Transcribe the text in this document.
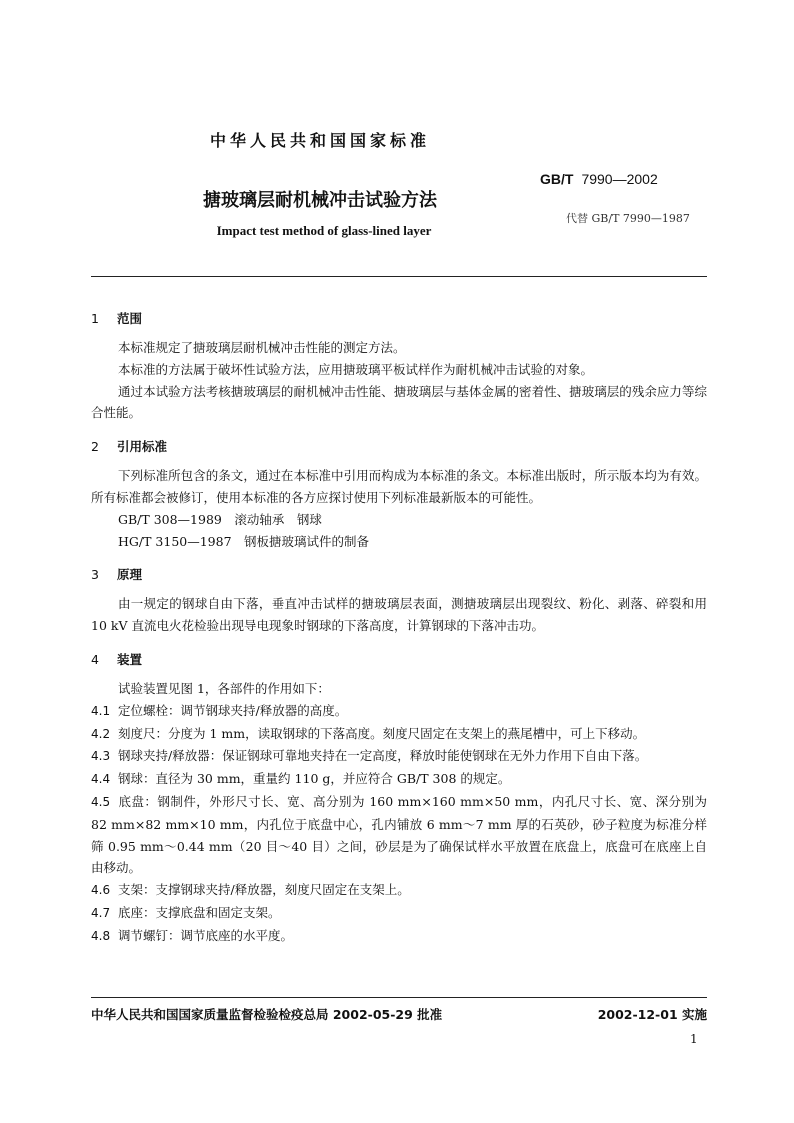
中华人民共和国国家标准
GB/T 7990—2002
搪玻璃层耐机械冲击试验方法
代替 GB/T 7990—1987
Impact test method of glass-lined layer
1 范围

本标准规定了搪玻璃层耐机械冲击性能的测定方法。

本标准的方法属于破坏性试验方法，应用搪玻璃平板试样作为耐机械冲击试验的对象。

通过本试验方法考核搪玻璃层的耐机械冲击性能、搪玻璃层与基体金属的密着性、搪玻璃层的残余应力等综合性能。

2 引用标准

下列标准所包含的条文，通过在本标准中引用而构成为本标准的条文。本标准出版时，所示版本均为有效。所有标准都会被修订，使用本标准的各方应探讨使用下列标准最新版本的可能性。

GB/T 308—1989　滚动轴承　钢球

HG/T 3150—1987　钢板搪玻璃试件的制备

3 原理

由一规定的钢球自由下落，垂直冲击试样的搪玻璃层表面，测搪玻璃层出现裂纹、粉化、剥落、碎裂和用 10 kV 直流电火花检验出现导电现象时钢球的下落高度，计算钢球的下落冲击功。

4 装置

试验装置见图 1，各部件的作用如下：

4.1 定位螺栓：调节钢球夹持/释放器的高度。

4.2 刻度尺：分度为 1 mm，读取钢球的下落高度。刻度尺固定在支架上的燕尾槽中，可上下移动。

4.3 钢球夹持/释放器：保证钢球可靠地夹持在一定高度，释放时能使钢球在无外力作用下自由下落。

4.4 钢球：直径为 30 mm，重量约 110 g，并应符合 GB/T 308 的规定。

4.5 底盘：钢制件，外形尺寸长、宽、高分别为 160 mm×160 mm×50 mm，内孔尺寸长、宽、深分别为 82 mm×82 mm×10 mm，内孔位于底盘中心，孔内铺放 6 mm～7 mm 厚的石英砂，砂子粒度为标准分样筛 0.95 mm～0.44 mm（20 目～40 目）之间，砂层是为了确保试样水平放置在底盘上，底盘可在底座上自由移动。

4.6 支架：支撑钢球夹持/释放器，刻度尺固定在支架上。

4.7 底座：支撑底盘和固定支架。

4.8 调节螺钉：调节底座的水平度。

中华人民共和国国家质量监督检验检疫总局 2002-05-29 批准	2002-12-01 实施
1
